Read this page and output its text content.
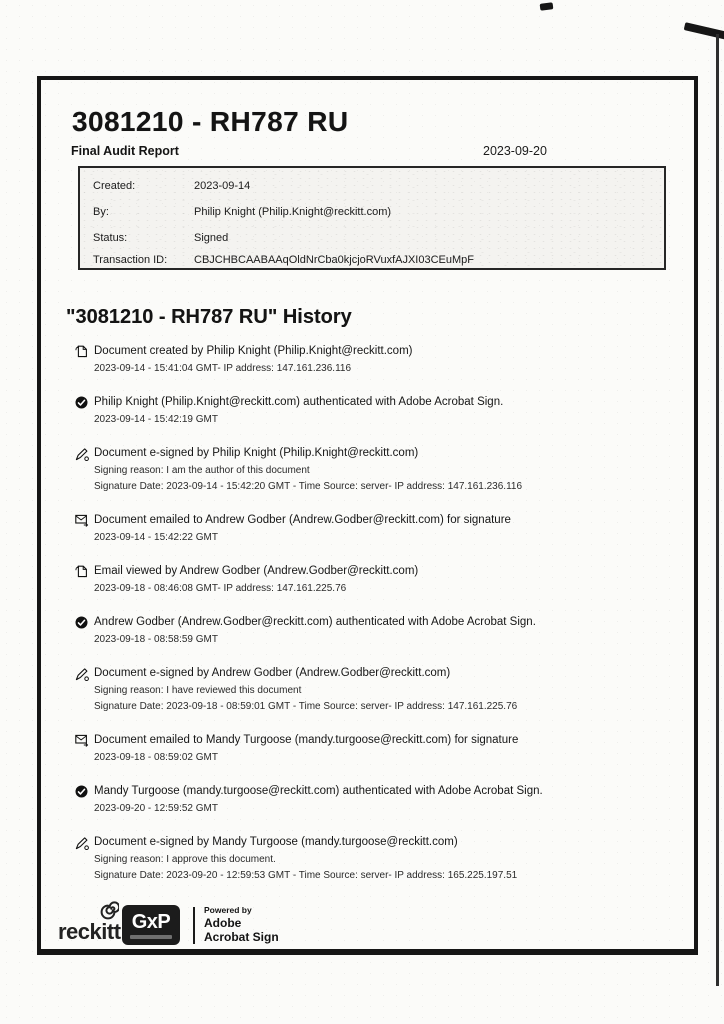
3081210 - RH787 RU
Final Audit Report	2023-09-20
Created:	2023-09-14
By:	Philip Knight (Philip.Knight@reckitt.com)
Status:	Signed
Transaction ID: CBJCHBCAABAAqOldNrCba0kjcjoRVuxfAJXI03CEuMpF
"3081210 - RH787 RU" History
Document created by Philip Knight (Philip.Knight@reckitt.com)
2023-09-14 - 15:41:04 GMT- IP address: 147.161.236.116
Philip Knight (Philip.Knight@reckitt.com) authenticated with Adobe Acrobat Sign.
2023-09-14 - 15:42:19 GMT
Document e-signed by Philip Knight (Philip.Knight@reckitt.com)
Signing reason: I am the author of this document
Signature Date: 2023-09-14 - 15:42:20 GMT - Time Source: server- IP address: 147.161.236.116
Document emailed to Andrew Godber (Andrew.Godber@reckitt.com) for signature
2023-09-14 - 15:42:22 GMT
Email viewed by Andrew Godber (Andrew.Godber@reckitt.com)
2023-09-18 - 08:46:08 GMT- IP address: 147.161.225.76
Andrew Godber (Andrew.Godber@reckitt.com) authenticated with Adobe Acrobat Sign.
2023-09-18 - 08:58:59 GMT
Document e-signed by Andrew Godber (Andrew.Godber@reckitt.com)
Signing reason: I have reviewed this document
Signature Date: 2023-09-18 - 08:59:01 GMT - Time Source: server- IP address: 147.161.225.76
Document emailed to Mandy Turgoose (mandy.turgoose@reckitt.com) for signature
2023-09-18 - 08:59:02 GMT
Mandy Turgoose (mandy.turgoose@reckitt.com) authenticated with Adobe Acrobat Sign.
2023-09-20 - 12:59:52 GMT
Document e-signed by Mandy Turgoose (mandy.turgoose@reckitt.com)
Signing reason: I approve this document.
Signature Date: 2023-09-20 - 12:59:53 GMT - Time Source: server- IP address: 165.225.197.51
reckitt GxP
Powered by
Adobe
Acrobat Sign
